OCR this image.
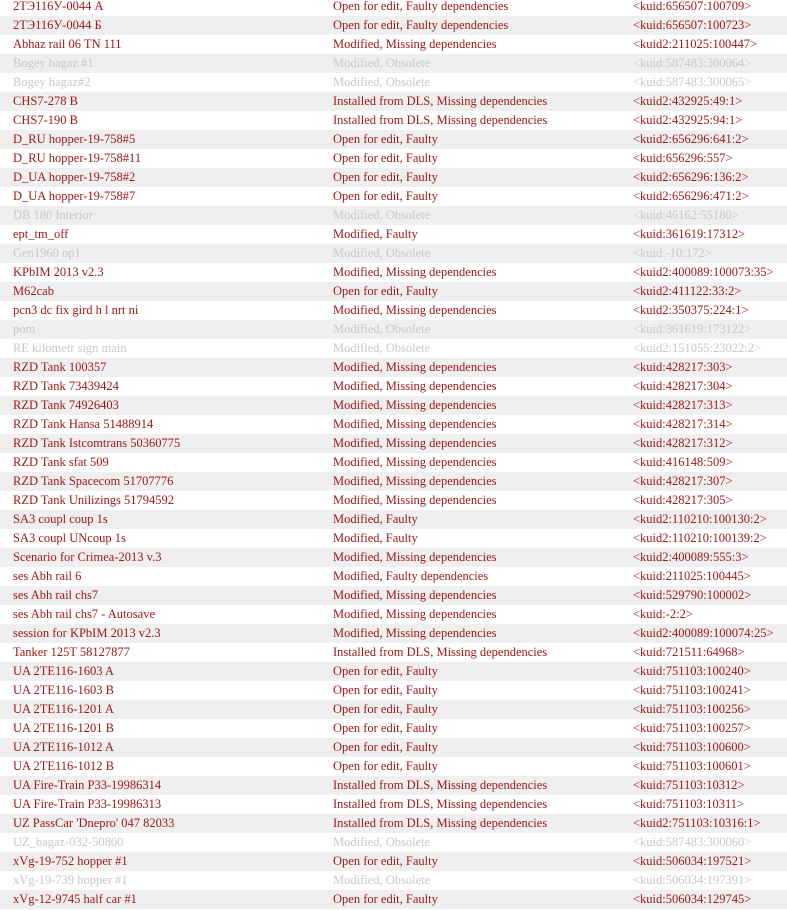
2ТЭ116У-0044 А	Open for edit, Faulty dependencies	<kuid:656507:100709>
2ТЭ116У-0044 Б	Open for edit, Faulty dependencies	<kuid:656507:100723>
Abhaz rail 06 TN 111	Modified, Missing dependencies	<kuid2:211025:100447>
Bogey bagaz #1	Modified, Obsolete	<kuid:587483:300064>
Bogey bagaz#2	Modified, Obsolete	<kuid:587483:300065>
CHS7-278 B	Installed from DLS, Missing dependencies	<kuid2:432925:49:1>
CHS7-190 B	Installed from DLS, Missing dependencies	<kuid2:432925:94:1>
D_RU hopper-19-758#5	Open for edit, Faulty	<kuid2:656296:641:2>
D_RU hopper-19-758#11	Open for edit, Faulty	<kuid:656296:557>
D_UA hopper-19-758#2	Open for edit, Faulty	<kuid2:656296:136:2>
D_UA hopper-19-758#7	Open for edit, Faulty	<kuid2:656296:471:2>
DB 180 Interior	Modified, Obsolete	<kuid:46162:55180>
ept_tm_off	Modified, Faulty	<kuid:361619:17312>
Gen1960 op1	Modified, Obsolete	<kuid:-10:172>
KPbIM 2013 v2.3	Modified, Missing dependencies	<kuid2:400089:100073:35>
M62cab	Open for edit, Faulty	<kuid2:411122:33:2>
pcn3 dc fix gird h l nrt ni	Modified, Missing dependencies	<kuid2:350375:224:1>
pom	Modified, Obsolete	<kuid:361619:173122>
RE kilometr sign main	Modified, Obsolete	<kuid2:151055:23022:2>
RZD Tank 100357	Modified, Missing dependencies	<kuid:428217:303>
RZD Tank 73439424	Modified, Missing dependencies	<kuid:428217:304>
RZD Tank 74926403	Modified, Missing dependencies	<kuid:428217:313>
RZD Tank Hansa 51488914	Modified, Missing dependencies	<kuid:428217:314>
RZD Tank Istcomtrans 50360775	Modified, Missing dependencies	<kuid:428217:312>
RZD Tank sfat 509	Modified, Missing dependencies	<kuid:416148:509>
RZD Tank Spacecom 51707776	Modified, Missing dependencies	<kuid:428217:307>
RZD Tank Unilizings 51794592	Modified, Missing dependencies	<kuid:428217:305>
SA3 coupl coup 1s	Modified, Faulty	<kuid2:110210:100130:2>
SA3 coupl UNcoup 1s	Modified, Faulty	<kuid2:110210:100139:2>
Scenario for Crimea-2013 v.3	Modified, Missing dependencies	<kuid2:400089:555:3>
ses Abh rail 6	Modified, Faulty dependencies	<kuid:211025:100445>
ses Abh rail chs7	Modified, Missing dependencies	<kuid:529790:100002>
ses Abh rail chs7 - Autosave	Modified, Missing dependencies	<kuid:-2:2>
session for KPbIM 2013 v2.3	Modified, Missing dependencies	<kuid2:400089:100074:25>
Tanker 125T 58127877	Installed from DLS, Missing dependencies	<kuid:721511:64968>
UA 2TE116-1603 A	Open for edit, Faulty	<kuid:751103:100240>
UA 2TE116-1603 B	Open for edit, Faulty	<kuid:751103:100241>
UA 2TE116-1201 A	Open for edit, Faulty	<kuid:751103:100256>
UA 2TE116-1201 B	Open for edit, Faulty	<kuid:751103:100257>
UA 2TE116-1012 A	Open for edit, Faulty	<kuid:751103:100600>
UA 2TE116-1012 B	Open for edit, Faulty	<kuid:751103:100601>
UA Fire-Train P33-19986314	Installed from DLS, Missing dependencies	<kuid:751103:10312>
UA Fire-Train P33-19986313	Installed from DLS, Missing dependencies	<kuid:751103:10311>
UZ PassCar 'Dnepro' 047 82033	Installed from DLS, Missing dependencies	<kuid2:751103:10316:1>
UZ_bagaz-032-50800	Modified, Obsolete	<kuid:587483:300060>
xVg-19-752 hopper #1	Open for edit, Faulty	<kuid:506034:197521>
xVg-19-739 hopper #1	Modified, Obsolete	<kuid:506034:197391>
xVg-12-9745 half car #1	Open for edit, Faulty	<kuid:506034:129745>
